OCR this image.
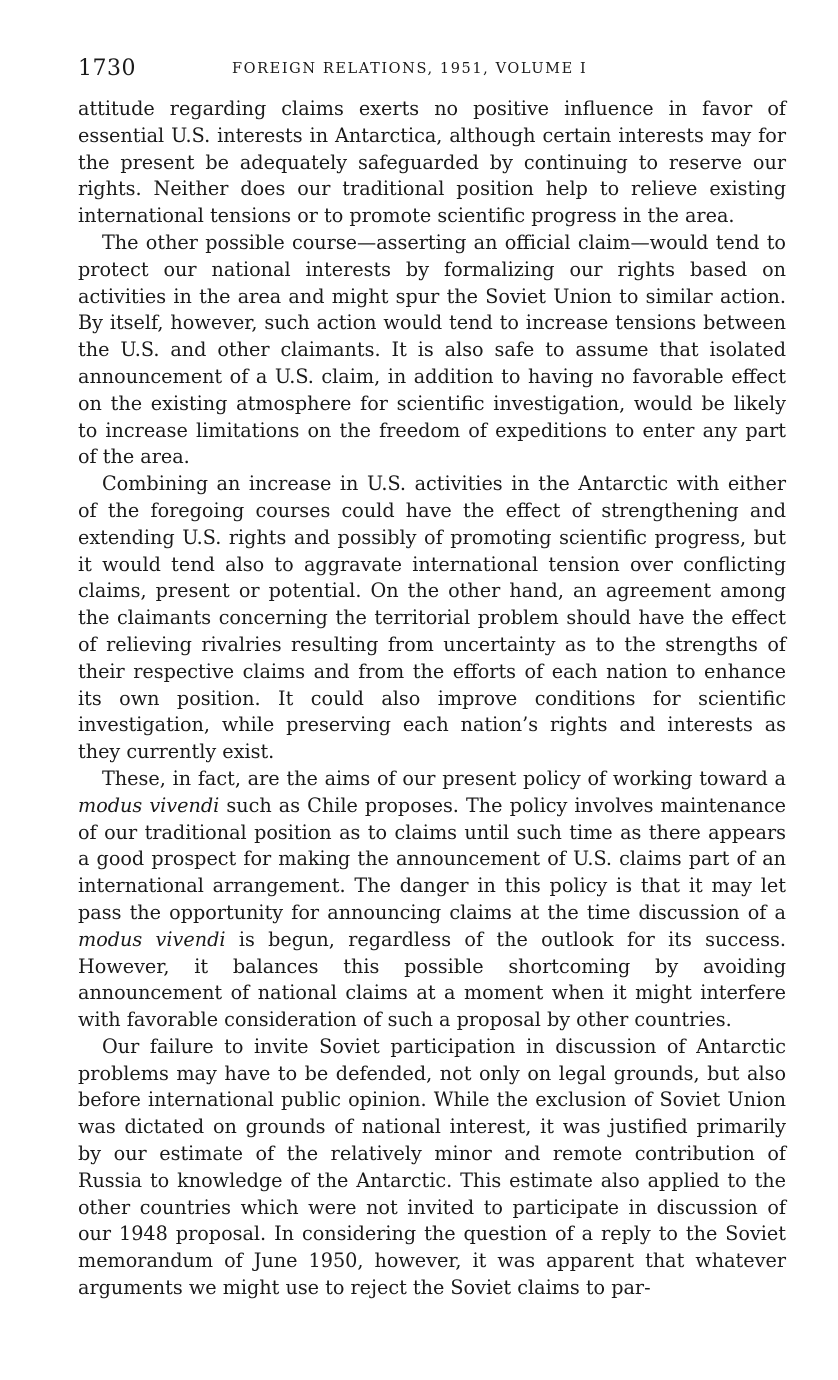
1730	FOREIGN RELATIONS, 1951, VOLUME I

attitude regarding claims exerts no positive influence in favor of essential U.S. interests in Antarctica, although certain interests may for the present be adequately safeguarded by continuing to reserve our rights. Neither does our traditional position help to relieve existing international tensions or to promote scientific progress in the area.

The other possible course—asserting an official claim—would tend to protect our national interests by formalizing our rights based on activities in the area and might spur the Soviet Union to similar action. By itself, however, such action would tend to increase tensions between the U.S. and other claimants. It is also safe to assume that isolated announcement of a U.S. claim, in addition to having no favorable effect on the existing atmosphere for scientific investigation, would be likely to increase limitations on the freedom of expeditions to enter any part of the area.

Combining an increase in U.S. activities in the Antarctic with either of the foregoing courses could have the effect of strengthening and extending U.S. rights and possibly of promoting scientific progress, but it would tend also to aggravate international tension over conflicting claims, present or potential. On the other hand, an agreement among the claimants concerning the territorial problem should have the effect of relieving rivalries resulting from uncertainty as to the strengths of their respective claims and from the efforts of each nation to enhance its own position. It could also improve conditions for scientific investigation, while preserving each nation’s rights and interests as they currently exist.

These, in fact, are the aims of our present policy of working toward a modus vivendi such as Chile proposes. The policy involves maintenance of our traditional position as to claims until such time as there appears a good prospect for making the announcement of U.S. claims part of an international arrangement. The danger in this policy is that it may let pass the opportunity for announcing claims at the time discussion of a modus vivendi is begun, regardless of the outlook for its success. However, it balances this possible shortcoming by avoiding announcement of national claims at a moment when it might interfere with favorable consideration of such a proposal by other countries.

Our failure to invite Soviet participation in discussion of Antarctic problems may have to be defended, not only on legal grounds, but also before international public opinion. While the exclusion of Soviet Union was dictated on grounds of national interest, it was justified primarily by our estimate of the relatively minor and remote contribution of Russia to knowledge of the Antarctic. This estimate also applied to the other countries which were not invited to participate in discussion of our 1948 proposal. In considering the question of a reply to the Soviet memorandum of June 1950, however, it was apparent that whatever arguments we might use to reject the Soviet claims to par-
